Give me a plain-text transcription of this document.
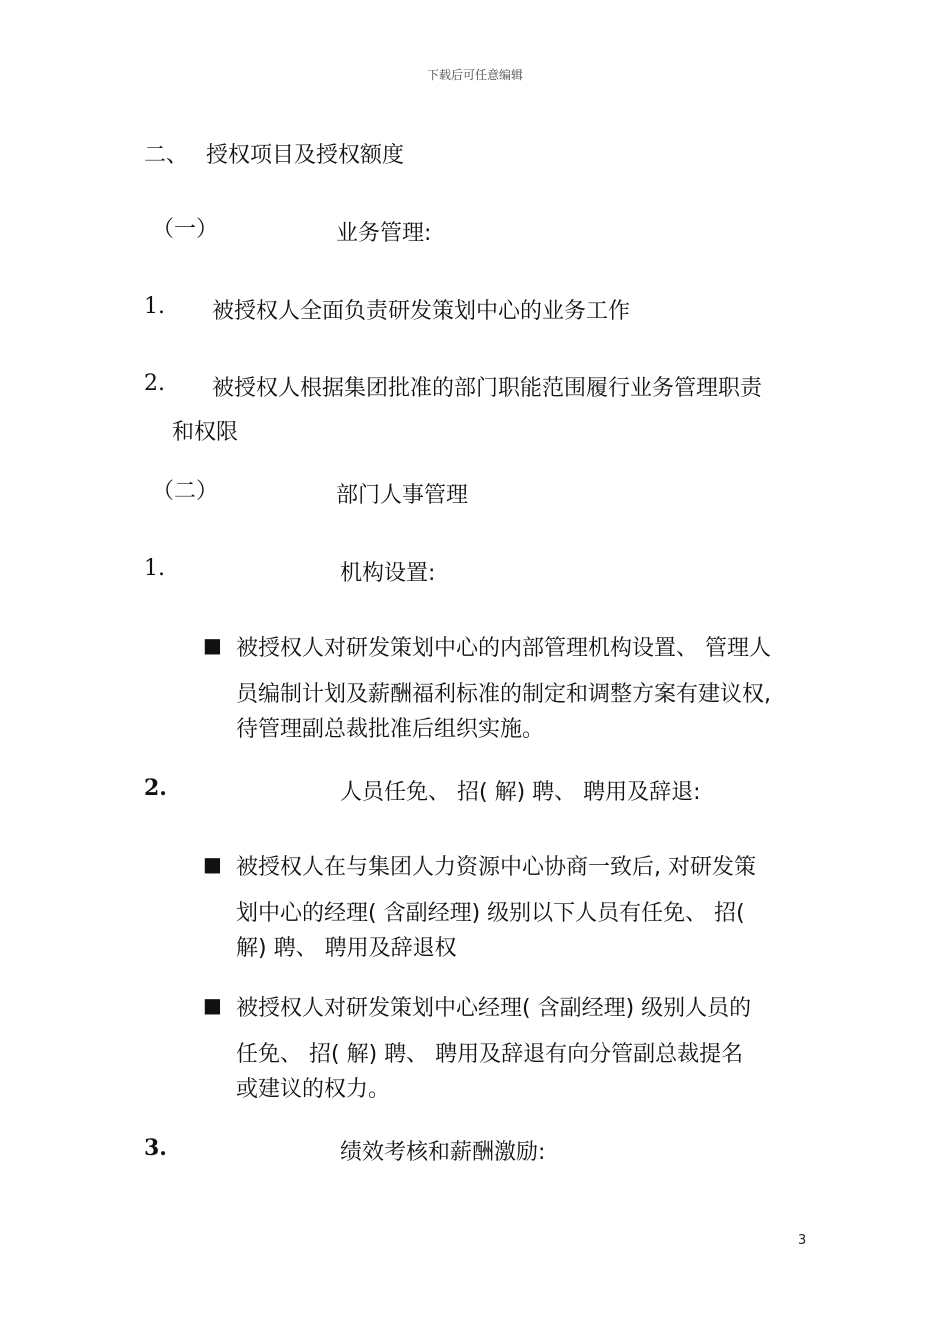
下载后可任意编辑
二、 授权项目及授权额度
（一）	业务管理:
1. 被授权人全面负责研发策划中心的业务工作
2. 被授权人根据集团批准的部门职能范围履行业务管理职责
和权限
（二）	部门人事管理
1.	机构设置:
■ 被授权人对研发策划中心的内部管理机构设置、 管理人
员编制计划及薪酬福利标准的制定和调整方案有建议权,
待管理副总裁批准后组织实施。
2.	人员任免、 招( 解) 聘、 聘用及辞退:
■ 被授权人在与集团人力资源中心协商一致后, 对研发策
划中心的经理( 含副经理) 级别以下人员有任免、 招(
解) 聘、 聘用及辞退权
■ 被授权人对研发策划中心经理( 含副经理) 级别人员的
任免、 招( 解) 聘、 聘用及辞退有向分管副总裁提名
或建议的权力。
3.	绩效考核和薪酬激励:
3
